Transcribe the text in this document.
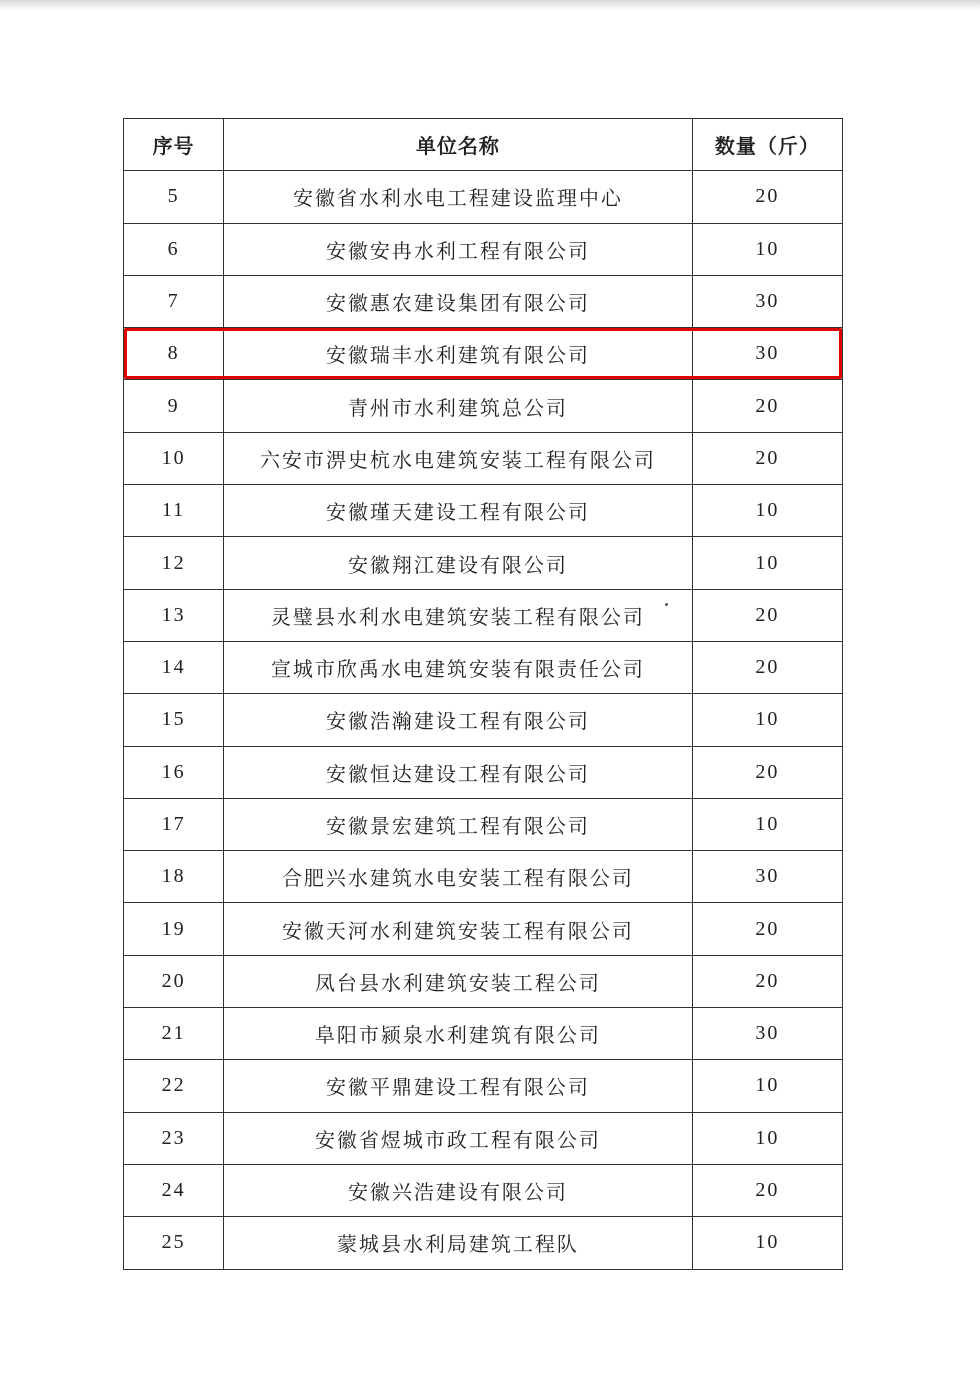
序号	单位名称	数量（斤）
5	安徽省水利水电工程建设监理中心	20
6	安徽安冉水利工程有限公司	10
7	安徽惠农建设集团有限公司	30
8	安徽瑞丰水利建筑有限公司	30
9	青州市水利建筑总公司	20
10	六安市淠史杭水电建筑安装工程有限公司	20
11	安徽瑾天建设工程有限公司	10
12	安徽翔江建设有限公司	10
13	灵璧县水利水电建筑安装工程有限公司	20
14	宣城市欣禹水电建筑安装有限责任公司	20
15	安徽浩瀚建设工程有限公司	10
16	安徽恒达建设工程有限公司	20
17	安徽景宏建筑工程有限公司	10
18	合肥兴水建筑水电安装工程有限公司	30
19	安徽天河水利建筑安装工程有限公司	20
20	凤台县水利建筑安装工程公司	20
21	阜阳市颍泉水利建筑有限公司	30
22	安徽平鼎建设工程有限公司	10
23	安徽省煜城市政工程有限公司	10
24	安徽兴浩建设有限公司	20
25	蒙城县水利局建筑工程队	10
